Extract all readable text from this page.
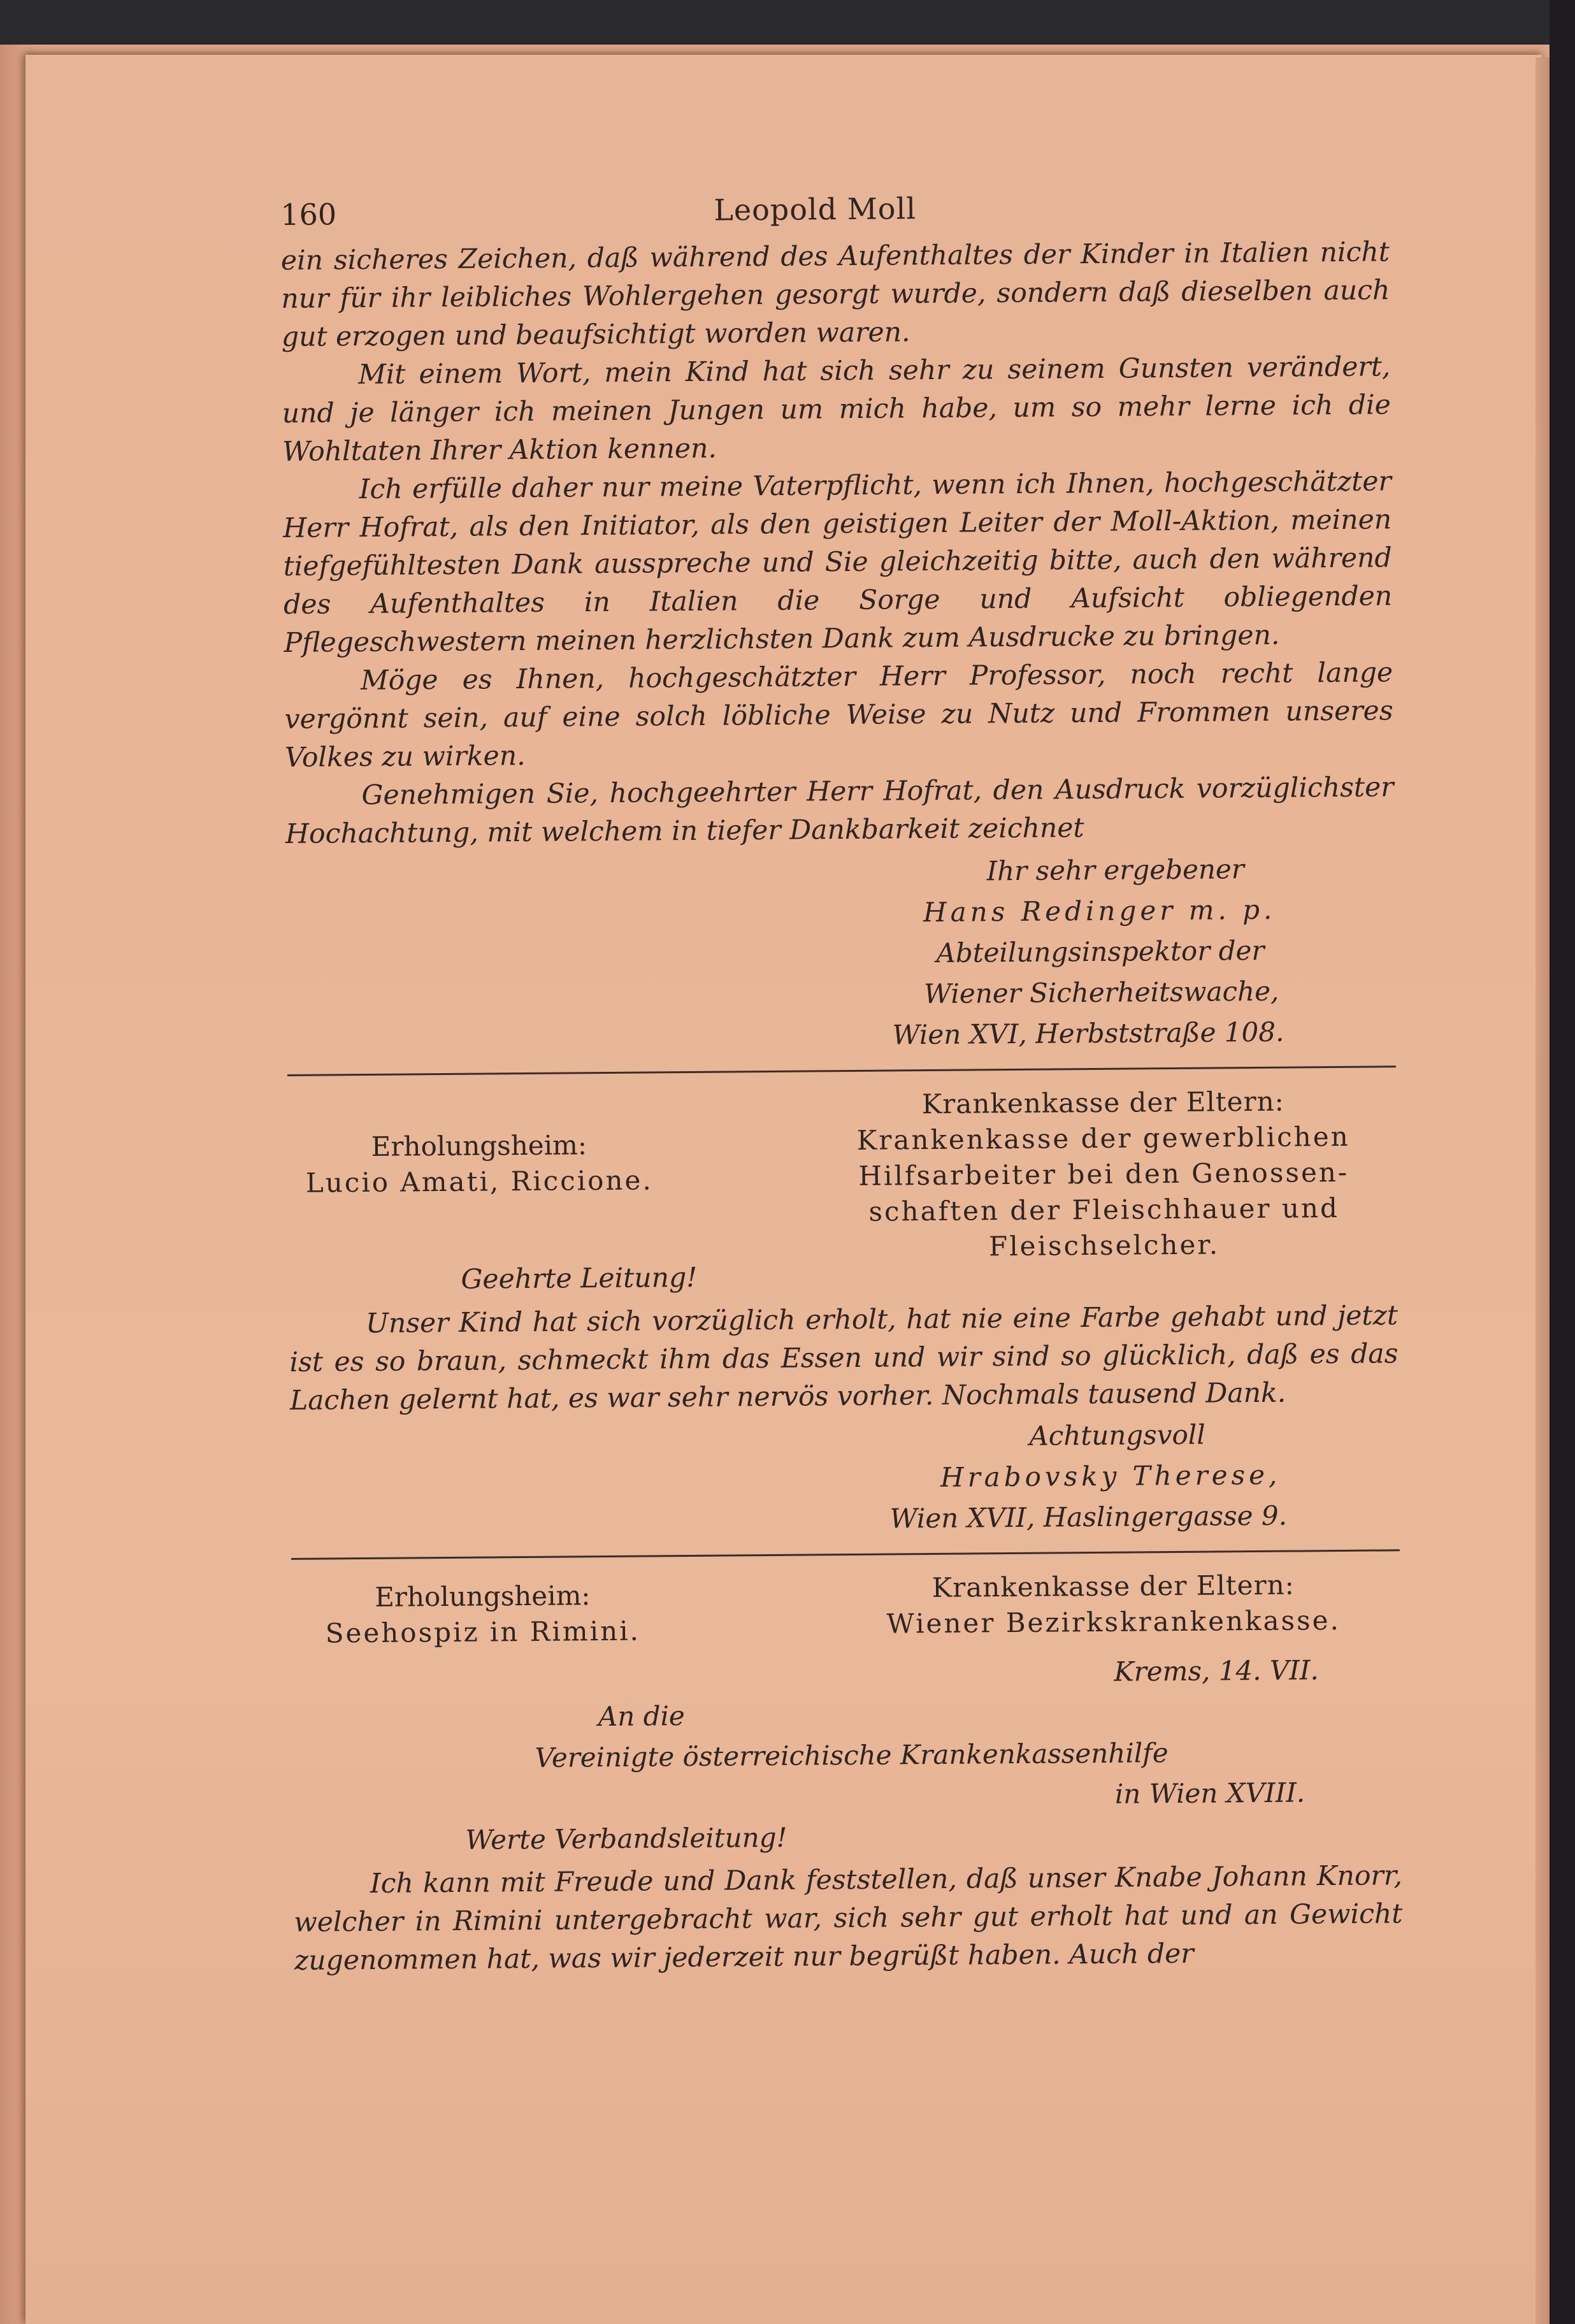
160	Leopold Moll

ein sicheres Zeichen, daß während des Aufenthaltes der Kinder in Italien nicht nur für ihr leibliches Wohlergehen gesorgt wurde, sondern daß dieselben auch gut erzogen und beaufsichtigt worden waren.

Mit einem Wort, mein Kind hat sich sehr zu seinem Gunsten verändert, und je länger ich meinen Jungen um mich habe, um so mehr lerne ich die Wohltaten Ihrer Aktion kennen.

Ich erfülle daher nur meine Vaterpflicht, wenn ich Ihnen, hochgeschätzter Herr Hofrat, als den Initiator, als den geistigen Leiter der Moll-Aktion, meinen tiefgefühltesten Dank ausspreche und Sie gleichzeitig bitte, auch den während des Aufenthaltes in Italien die Sorge und Aufsicht obliegenden Pflegeschwestern meinen herzlichsten Dank zum Ausdrucke zu bringen.

Möge es Ihnen, hochgeschätzter Herr Professor, noch recht lange vergönnt sein, auf eine solch löbliche Weise zu Nutz und Frommen unseres Volkes zu wirken.

Genehmigen Sie, hochgeehrter Herr Hofrat, den Ausdruck vorzüglichster Hochachtung, mit welchem in tiefer Dankbarkeit zeichnet

Ihr sehr ergebener
Hans Redinger m. p.
Abteilungsinspektor der
Wiener Sicherheitswache,
Wien XVI, Herbststraße 108.
Erholungsheim:
Lucio Amati, Riccione.
Krankenkasse der Eltern:
Krankenkasse der gewerblichen
Hilfsarbeiter bei den Genossen-
schaften der Fleischhauer und
Fleischselcher.

Geehrte Leitung!

Unser Kind hat sich vorzüglich erholt, hat nie eine Farbe gehabt und jetzt ist es so braun, schmeckt ihm das Essen und wir sind so glücklich, daß es das Lachen gelernt hat, es war sehr nervös vorher. Nochmals tausend Dank.

Achtungsvoll
Hrabovsky Therese,
Wien XVII, Haslingergasse 9.
Erholungsheim:
Seehospiz in Rimini.
Krankenkasse der Eltern:
Wiener Bezirkskrankenkasse.
Krems, 14. VII.
An die
Vereinigte österreichische Krankenkassenhilfe
in Wien XVIII.
Werte Verbandsleitung!

Ich kann mit Freude und Dank feststellen, daß unser Knabe Johann Knorr, welcher in Rimini untergebracht war, sich sehr gut erholt hat und an Gewicht zugenommen hat, was wir jederzeit nur begrüßt haben. Auch der
